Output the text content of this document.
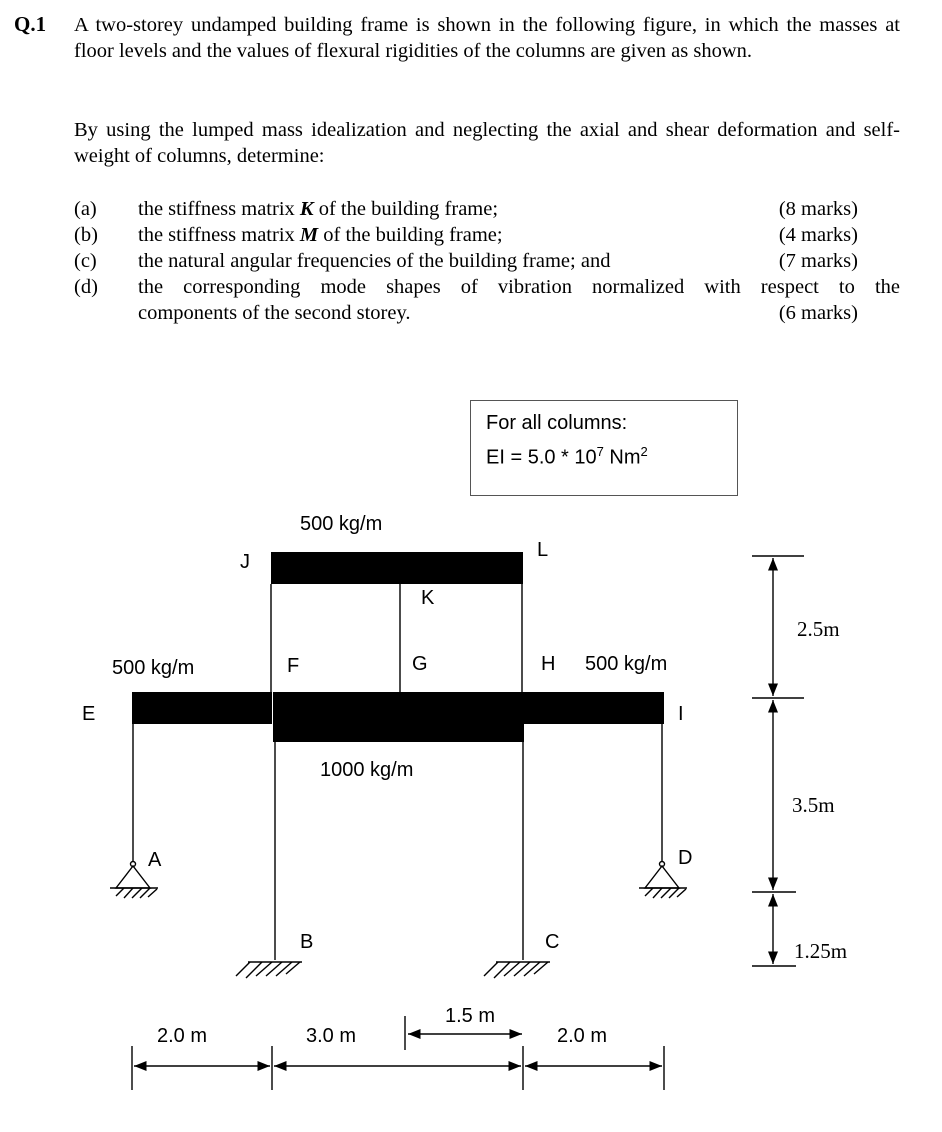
Q.1 A two-storey undamped building frame is shown in the following figure, in which the masses at floor levels and the values of flexural rigidities of the columns are given as shown.
By using the lumped mass idealization and neglecting the axial and shear deformation and self-weight of columns, determine:
(a)	the stiffness matrix K of the building frame;	(8 marks)
(b)	the stiffness matrix M of the building frame;	(4 marks)
(c)	the natural angular frequencies of the building frame; and	(7 marks)
(d)	the corresponding mode shapes of vibration normalized with respect to the
components of the second storey.	(6 marks)
For all columns:
EI = $5.0 * 10^7$ Nm$^2$
500 kg/m
500 kg/m	500 kg/m
1000 kg/m
A
B	C
D
E
F	G	H
I
J
K
L
2.5m
3.5m
1.25m
2.0 m	3.0 m
1.5 m
2.0 m
